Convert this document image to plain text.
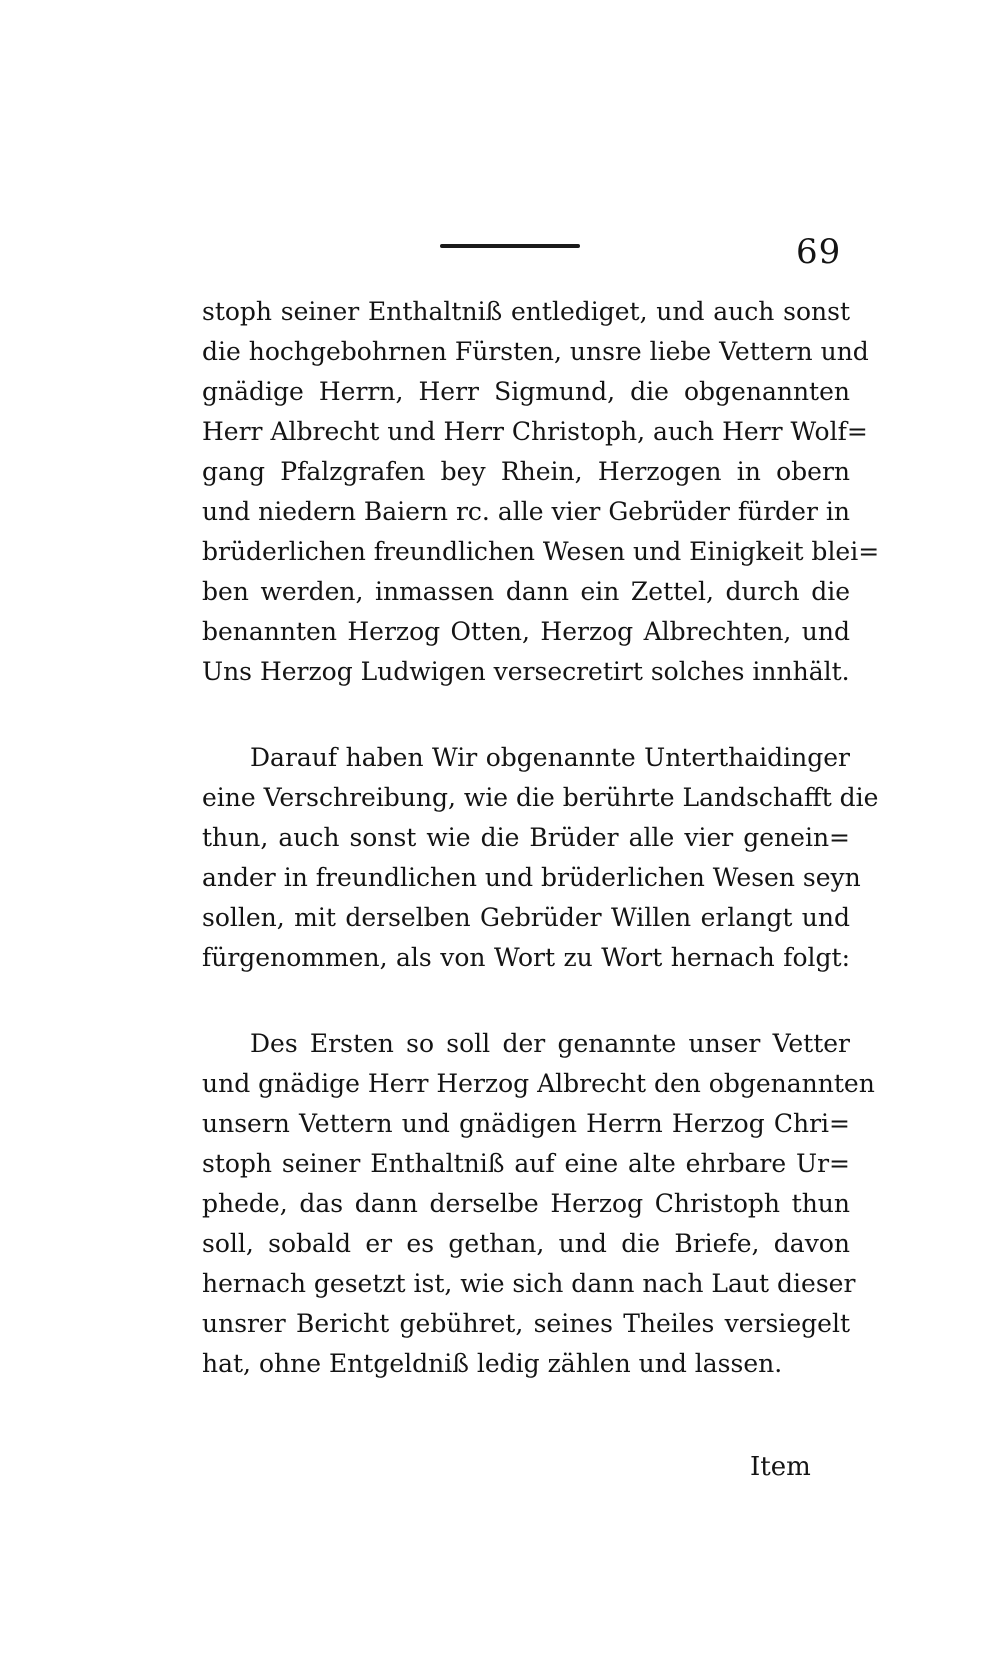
69
stoph seiner Enthaltniß entlediget, und auch sonst
die hochgebohrnen Fürsten, unsre liebe Vettern und
gnädige Herrn, Herr Sigmund, die obgenannten
Herr Albrecht und Herr Christoph, auch Herr Wolf=
gang Pfalzgrafen bey Rhein, Herzogen in obern
und niedern Baiern rc. alle vier Gebrüder fürder in
brüderlichen freundlichen Wesen und Einigkeit blei=
ben werden, inmassen dann ein Zettel, durch die
benannten Herzog Otten, Herzog Albrechten, und
Uns Herzog Ludwigen versecretirt solches innhält.
Darauf haben Wir obgenannte Unterthaidinger
eine Verschreibung, wie die berührte Landschafft die
thun, auch sonst wie die Brüder alle vier genein=
ander in freundlichen und brüderlichen Wesen seyn
sollen, mit derselben Gebrüder Willen erlangt und
fürgenommen, als von Wort zu Wort hernach folgt:
Des Ersten so soll der genannte unser Vetter
und gnädige Herr Herzog Albrecht den obgenannten
unsern Vettern und gnädigen Herrn Herzog Chri=
stoph seiner Enthaltniß auf eine alte ehrbare Ur=
phede, das dann derselbe Herzog Christoph thun
soll, sobald er es gethan, und die Briefe, davon
hernach gesetzt ist, wie sich dann nach Laut dieser
unsrer Bericht gebühret, seines Theiles versiegelt
hat, ohne Entgeldniß ledig zählen und lassen.
Item
